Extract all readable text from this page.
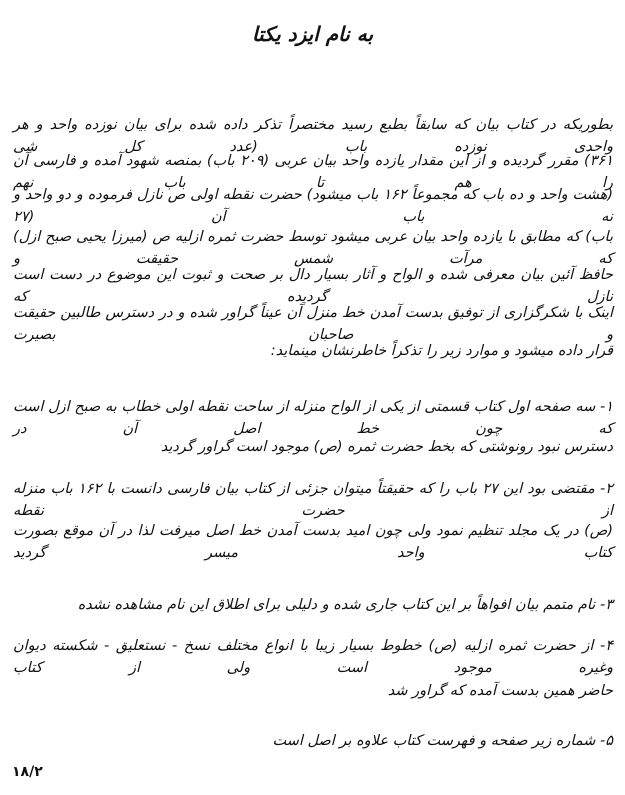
به نام ایزد یکتا
بطوریکه در کتاب بیان که سابقاً بطبع رسید مختصراً تذکر داده شده برای بیان نوزده واحد و هر واحدی نوزده باب (عدد کل شی
۳۶۱) مقرر گردیده و از این مقدار یازده واحد بیان عربی (۲۰۹ باب) بمنصه شهود آمده و فارسی آن را هم تا باب نهم
(هشت واحد و ده باب که مجموعاً ۱۶۲ باب میشود) حضرت نقطه اولی ص نازل فرموده و دو واحد و نه باب آن (۲۷
باب) که مطابق با یازده واحد بیان عربی میشود توسط حضرت ثمره ازلیه ص (میرزا یحیی صبح ازل) که مرآت شمس حقیقت و
حافظ آئین بیان معرفی شده و الواح و آثار بسیار دال بر صحت و ثبوت این موضوع در دست است نازل گردیده که
اینک با شکرگزاری از توفیق بدست آمدن خط منزل آن عیناً گراور شده و در دسترس طالبین حقیقت و صاحبان بصیرت
قرار داده میشود و موارد زیر را تذکراً خاطرنشان مینماید:
۱- سه صفحه اول کتاب قسمتی از یکی از الواح منزله از ساحت نقطه اولی خطاب به صبح ازل است که چون خط اصل آن در
دسترس نبود رونوشتی که بخط حضرت ثمره (ص) موجود است گراور گردید
۲- مقتضی بود این ۲۷ باب را که حقیقتاً میتوان جزئی از کتاب بیان فارسی دانست با ۱۶۲ باب منزله از حضرت نقطه
(ص) در یک مجلد تنظیم نمود ولی چون امید بدست آمدن خط اصل میرفت لذا در آن موقع بصورت کتاب واحد میسر گردید
۳- نام متمم بیان افواهاً بر این کتاب جاری شده و دلیلی برای اطلاق این نام مشاهده نشده
۴- از حضرت ثمره ازلیه (ص) خطوط بسیار زیبا با انواع مختلف نسخ - نستعلیق - شکسته دیوان وغیره موجود است ولی از کتاب
حاضر همین بدست آمده که گراور شد
۵- شماره زیر صفحه و فهرست کتاب علاوه بر اصل است
۱۸/۲
